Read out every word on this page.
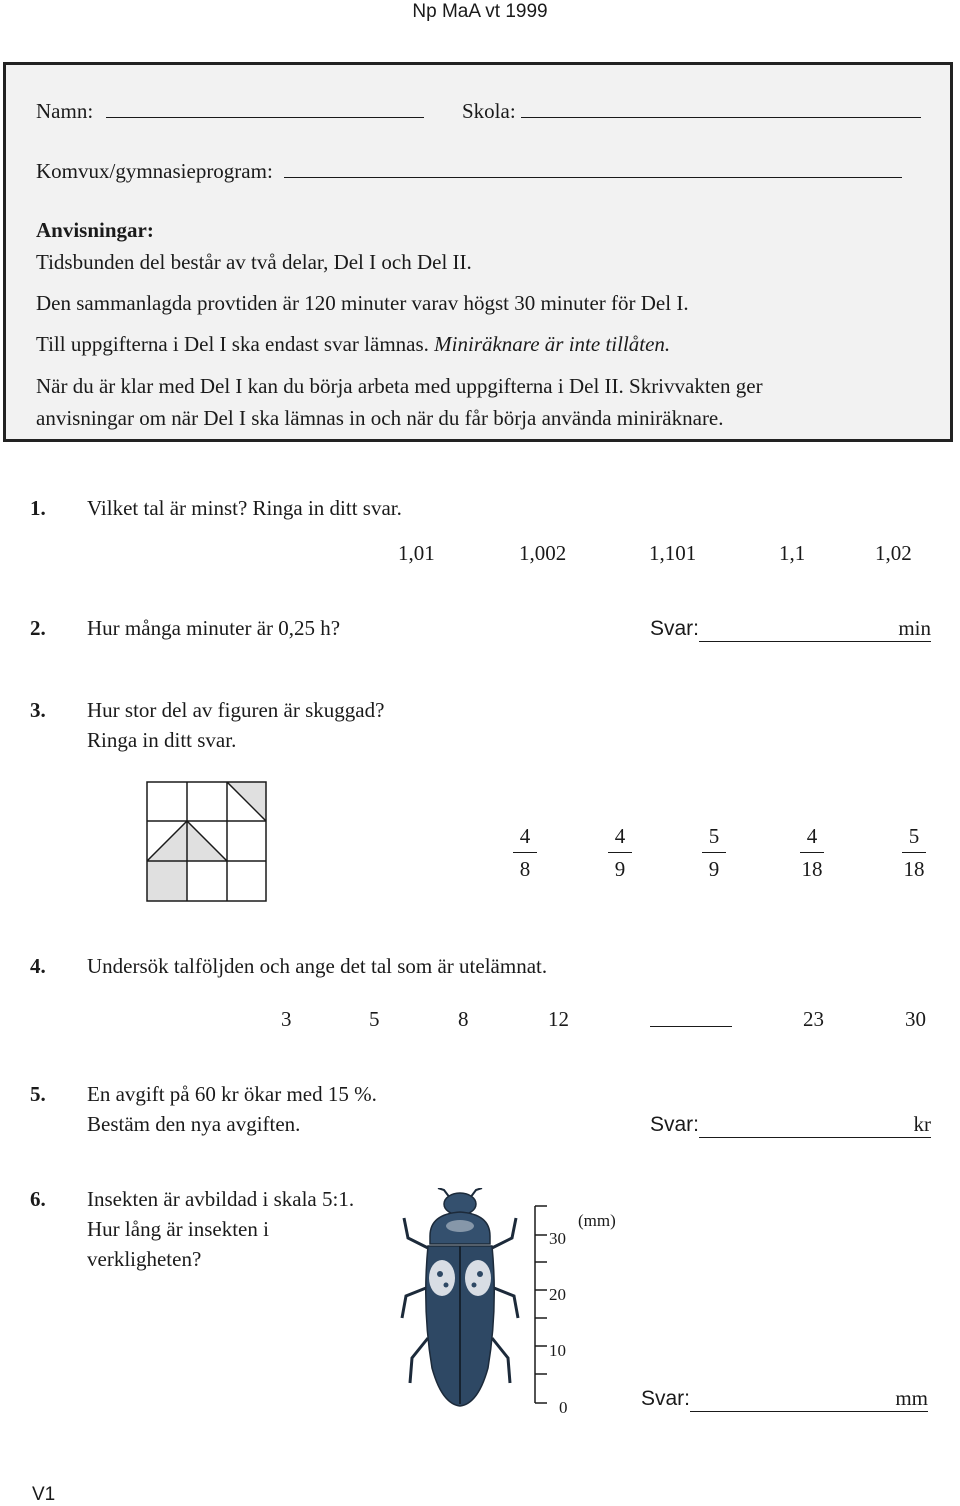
Np MaA vt 1999
Namn:	Skola:
Komvux/gymnasieprogram:
Anvisningar:
Tidsbunden del består av två delar, Del I och Del II.
Den sammanlagda provtiden är 120 minuter varav högst 30 minuter för Del I.
Till uppgifterna i Del I ska endast svar lämnas. Miniräknare är inte tillåten.
När du är klar med Del I kan du börja arbeta med uppgifterna i Del II. Skrivvakten ger
anvisningar om när Del I ska lämnas in och när du får börja använda miniräknare.
1. Vilket tal är minst? Ringa in ditt svar.
1,01	1,002	1,101	1,1	1,02
2. Hur många minuter är 0,25 h?	Svar:	min
3. Hur stor del av figuren är skuggad?
Ringa in ditt svar.
4
8
4
9
5
9
4
18
5
18
4. Undersök talföljden och ange det tal som är utelämnat.
3	5	8	12	23	30
5. En avgift på 60 kr ökar med 15 %.
Bestäm den nya avgiften.	Svar:	kr
6. Insekten är avbildad i skala 5:1.
Hur lång är insekten i
verkligheten?
(mm)
30
20
10
0	Svar:	mm
V1
